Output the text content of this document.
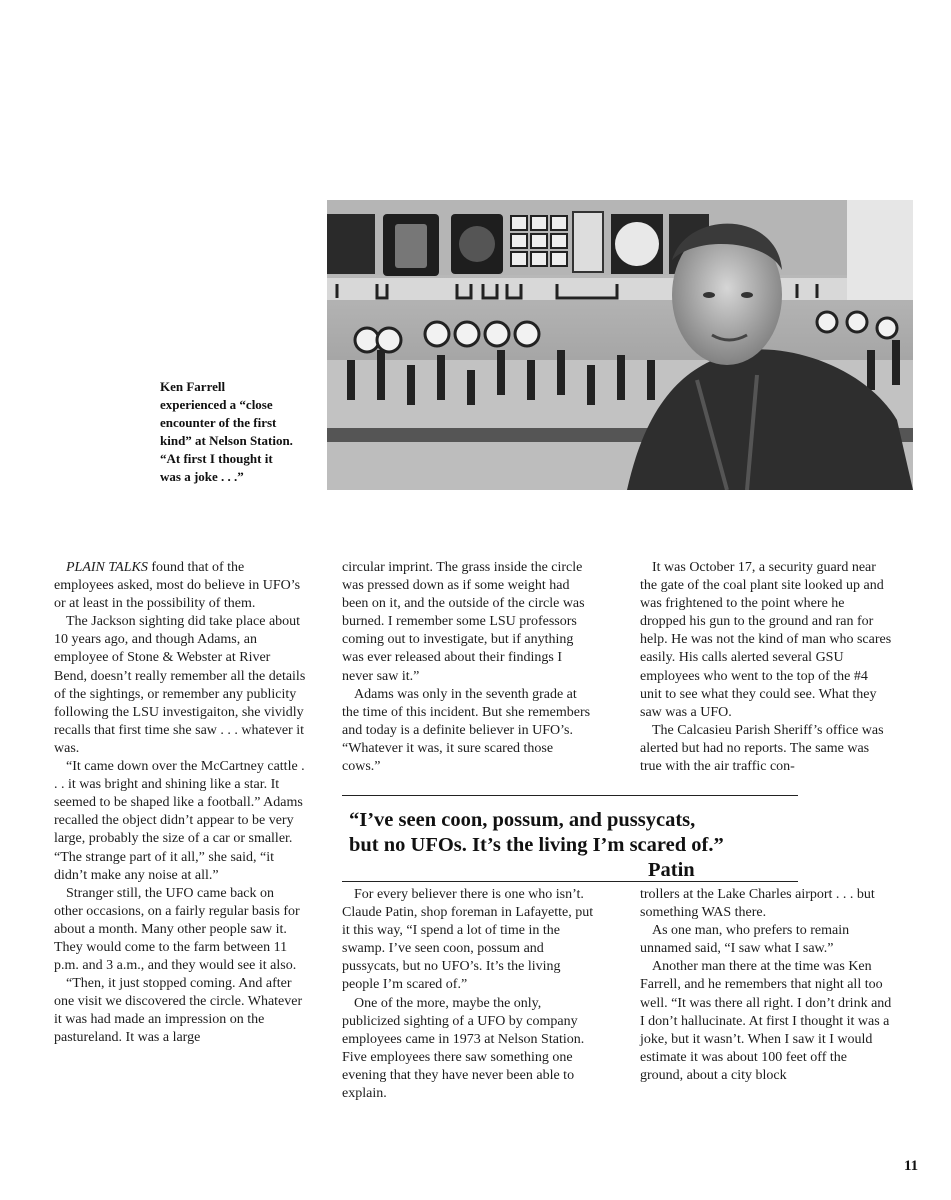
Ken Farrell
experienced a “close
encounter of the first
kind” at Nelson Station.
“At first I thought it
was a joke . . .”

PLAIN TALKS found that of the employees asked, most do believe in UFO’s or at least in the possibility of them.

The Jackson sighting did take place about 10 years ago, and though Adams, an employee of Stone & Webster at River Bend, doesn’t really remember all the details of the sightings, or remember any publicity following the LSU investigaiton, she vividly recalls that first time she saw . . . whatever it was.

“It came down over the McCartney cattle . . . it was bright and shining like a star. It seemed to be shaped like a football.” Adams recalled the object didn’t appear to be very large, probably the size of a car or smaller. “The strange part of it all,” she said, “it didn’t make any noise at all.”

Stranger still, the UFO came back on other occasions, on a fairly regular basis for about a month. Many other people saw it. They would come to the farm between 11 p.m. and 3 a.m., and they would see it also.

“Then, it just stopped coming. And after one visit we discovered the circle. Whatever it was had made an impression on the pastureland. It was a large

circular imprint. The grass inside the circle was pressed down as if some weight had been on it, and the outside of the circle was burned. I remember some LSU professors coming out to investigate, but if anything was ever released about their findings I never saw it.”

Adams was only in the seventh grade at the time of this incident. But she remembers and today is a definite believer in UFO’s. “Whatever it was, it sure scared those cows.”

It was October 17, a security guard near the gate of the coal plant site looked up and was frightened to the point where he dropped his gun to the ground and ran for help. He was not the kind of man who scares easily. His calls alerted several GSU employees who went to the top of the #4 unit to see what they could see. What they saw was a UFO.

The Calcasieu Parish Sheriff’s office was alerted but had no reports. The same was true with the air traffic con-

“I’ve seen coon, possum, and pussycats,
but no UFOs. It’s the living I’m scared of.”
Patin

For every believer there is one who isn’t. Claude Patin, shop foreman in Lafayette, put it this way, “I spend a lot of time in the swamp. I’ve seen coon, possum and pussycats, but no UFO’s. It’s the living people I’m scared of.”

One of the more, maybe the only, publicized sighting of a UFO by company employees came in 1973 at Nelson Station. Five employees there saw something one evening that they have never been able to explain.

trollers at the Lake Charles airport . . . but something WAS there.

As one man, who prefers to remain unnamed said, “I saw what I saw.”

Another man there at the time was Ken Farrell, and he remembers that night all too well. “It was there all right. I don’t drink and I don’t hallucinate. At first I thought it was a joke, but it wasn’t. When I saw it I would estimate it was about 100 feet off the ground, about a city block

11
